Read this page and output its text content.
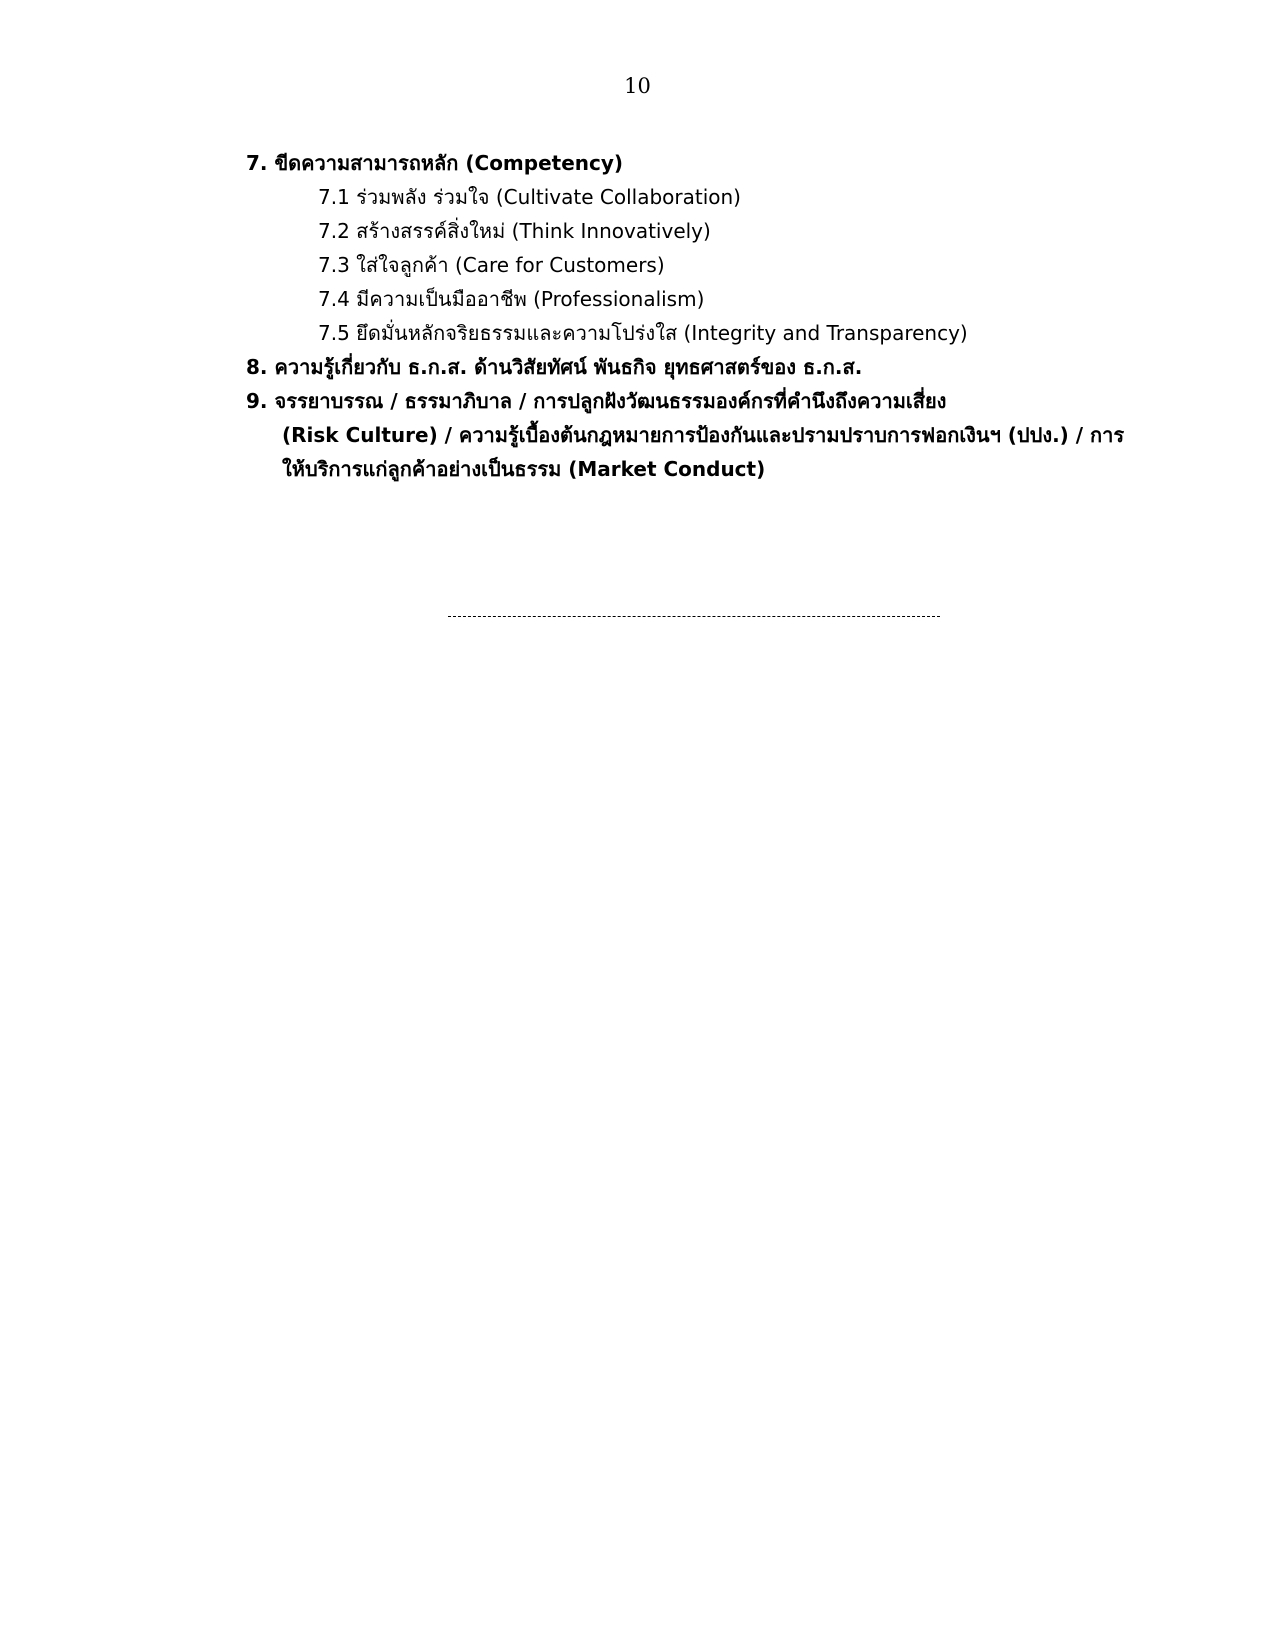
10
7. ขีดความสามารถหลัก (Competency)
7.1 ร่วมพลัง ร่วมใจ (Cultivate Collaboration)
7.2 สร้างสรรค์สิ่งใหม่ (Think Innovatively)
7.3 ใส่ใจลูกค้า (Care for Customers)
7.4 มีความเป็นมืออาชีพ (Professionalism)
7.5 ยึดมั่นหลักจริยธรรมและความโปร่งใส (Integrity and Transparency)
8. ความรู้เกี่ยวกับ ธ.ก.ส. ด้านวิสัยทัศน์ พันธกิจ ยุทธศาสตร์ของ ธ.ก.ส.
9. จรรยาบรรณ / ธรรมาภิบาล / การปลูกฝังวัฒนธรรมองค์กรที่คำนึงถึงความเสี่ยง
(Risk Culture) / ความรู้เบื้องต้นกฎหมายการป้องกันและปรามปราบการฟอกเงินฯ (ปปง.) / การ
ให้บริการแก่ลูกค้าอย่างเป็นธรรม (Market Conduct)
